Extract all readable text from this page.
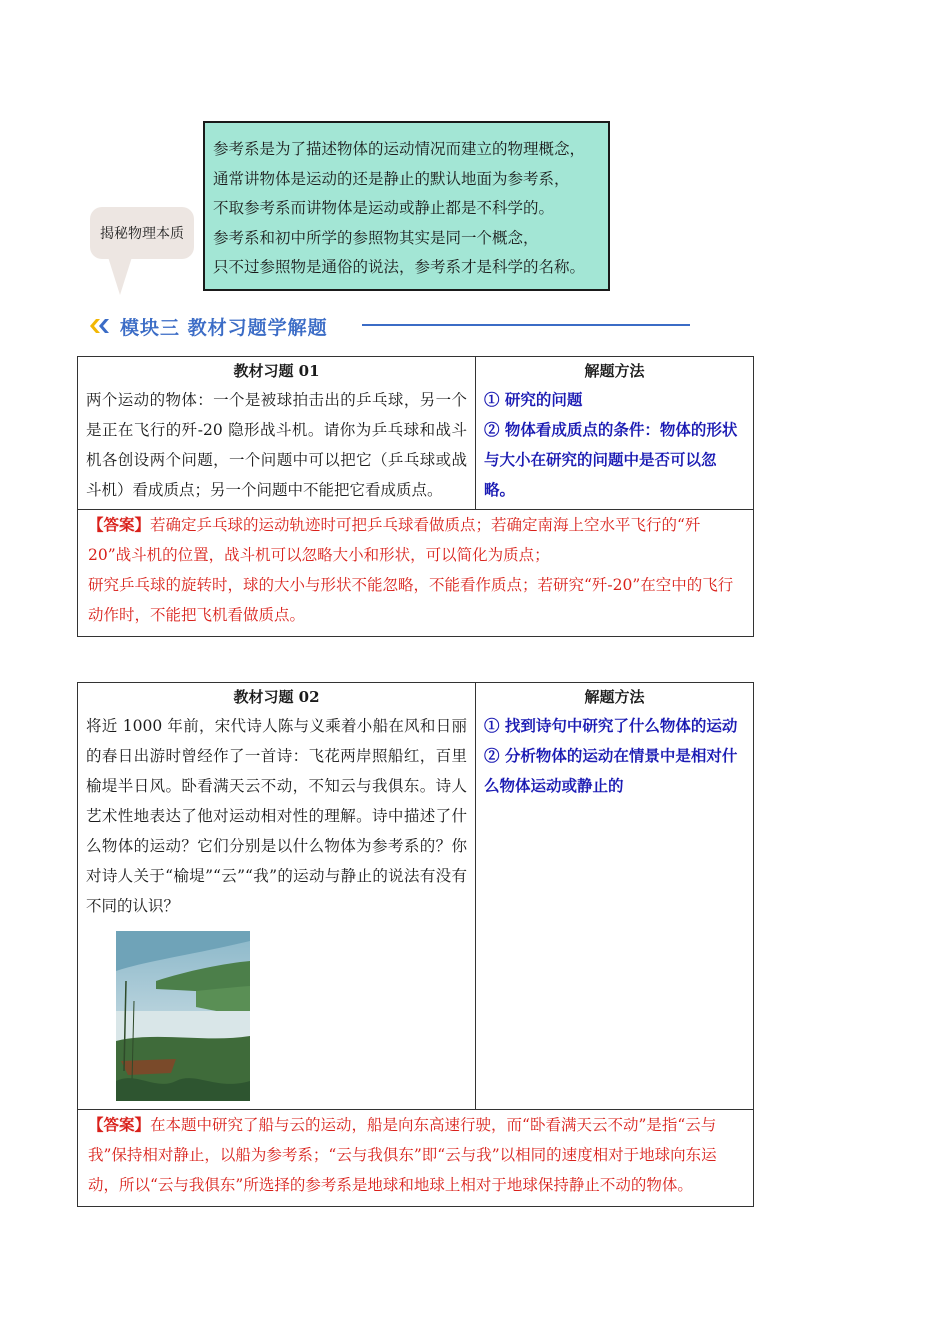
揭秘物理本质

参考系是为了描述物体的运动情况而建立的物理概念，

通常讲物体是运动的还是静止的默认地面为参考系，

不取参考系而讲物体是运动或静止都是不科学的。

参考系和初中所学的参照物其实是同一个概念，

只不过参照物是通俗的说法，参考系才是科学的名称。

模块三 教材习题学解题
教材习题 01
两个运动的物体：一个是被球拍击出的乒乓球，另一个是正在飞行的歼-20 隐形战斗机。请你为乒乓球和战斗机各创设两个问题，一个问题中可以把它（乒乓球或战斗机）看成质点；另一个问题中不能把它看成质点。
解题方法
① 研究的问题
② 物体看成质点的条件：物体的形状与大小在研究的问题中是否可以忽略。
【答案】若确定乒乓球的运动轨迹时可把乒乓球看做质点；若确定南海上空水平飞行的“歼 20”战斗机的位置，战斗机可以忽略大小和形状，可以简化为质点；
研究乒乓球的旋转时，球的大小与形状不能忽略，不能看作质点；若研究“歼-20”在空中的飞行动作时，不能把飞机看做质点。
教材习题 02
将近 1000 年前，宋代诗人陈与义乘着小船在风和日丽的春日出游时曾经作了一首诗：飞花两岸照船红，百里榆堤半日风。卧看满天云不动，不知云与我俱东。诗人艺术性地表达了他对运动相对性的理解。诗中描述了什么物体的运动？它们分别是以什么物体为参考系的？你对诗人关于“榆堤”“云”“我”的运动与静止的说法有没有不同的认识？
解题方法
① 找到诗句中研究了什么物体的运动
② 分析物体的运动在情景中是相对什么物体运动或静止的
【答案】在本题中研究了船与云的运动，船是向东高速行驶，而“卧看满天云不动”是指“云与我”保持相对静止，以船为参考系；“云与我俱东”即“云与我”以相同的速度相对于地球向东运动，所以“云与我俱东”所选择的参考系是地球和地球上相对于地球保持静止不动的物体。
